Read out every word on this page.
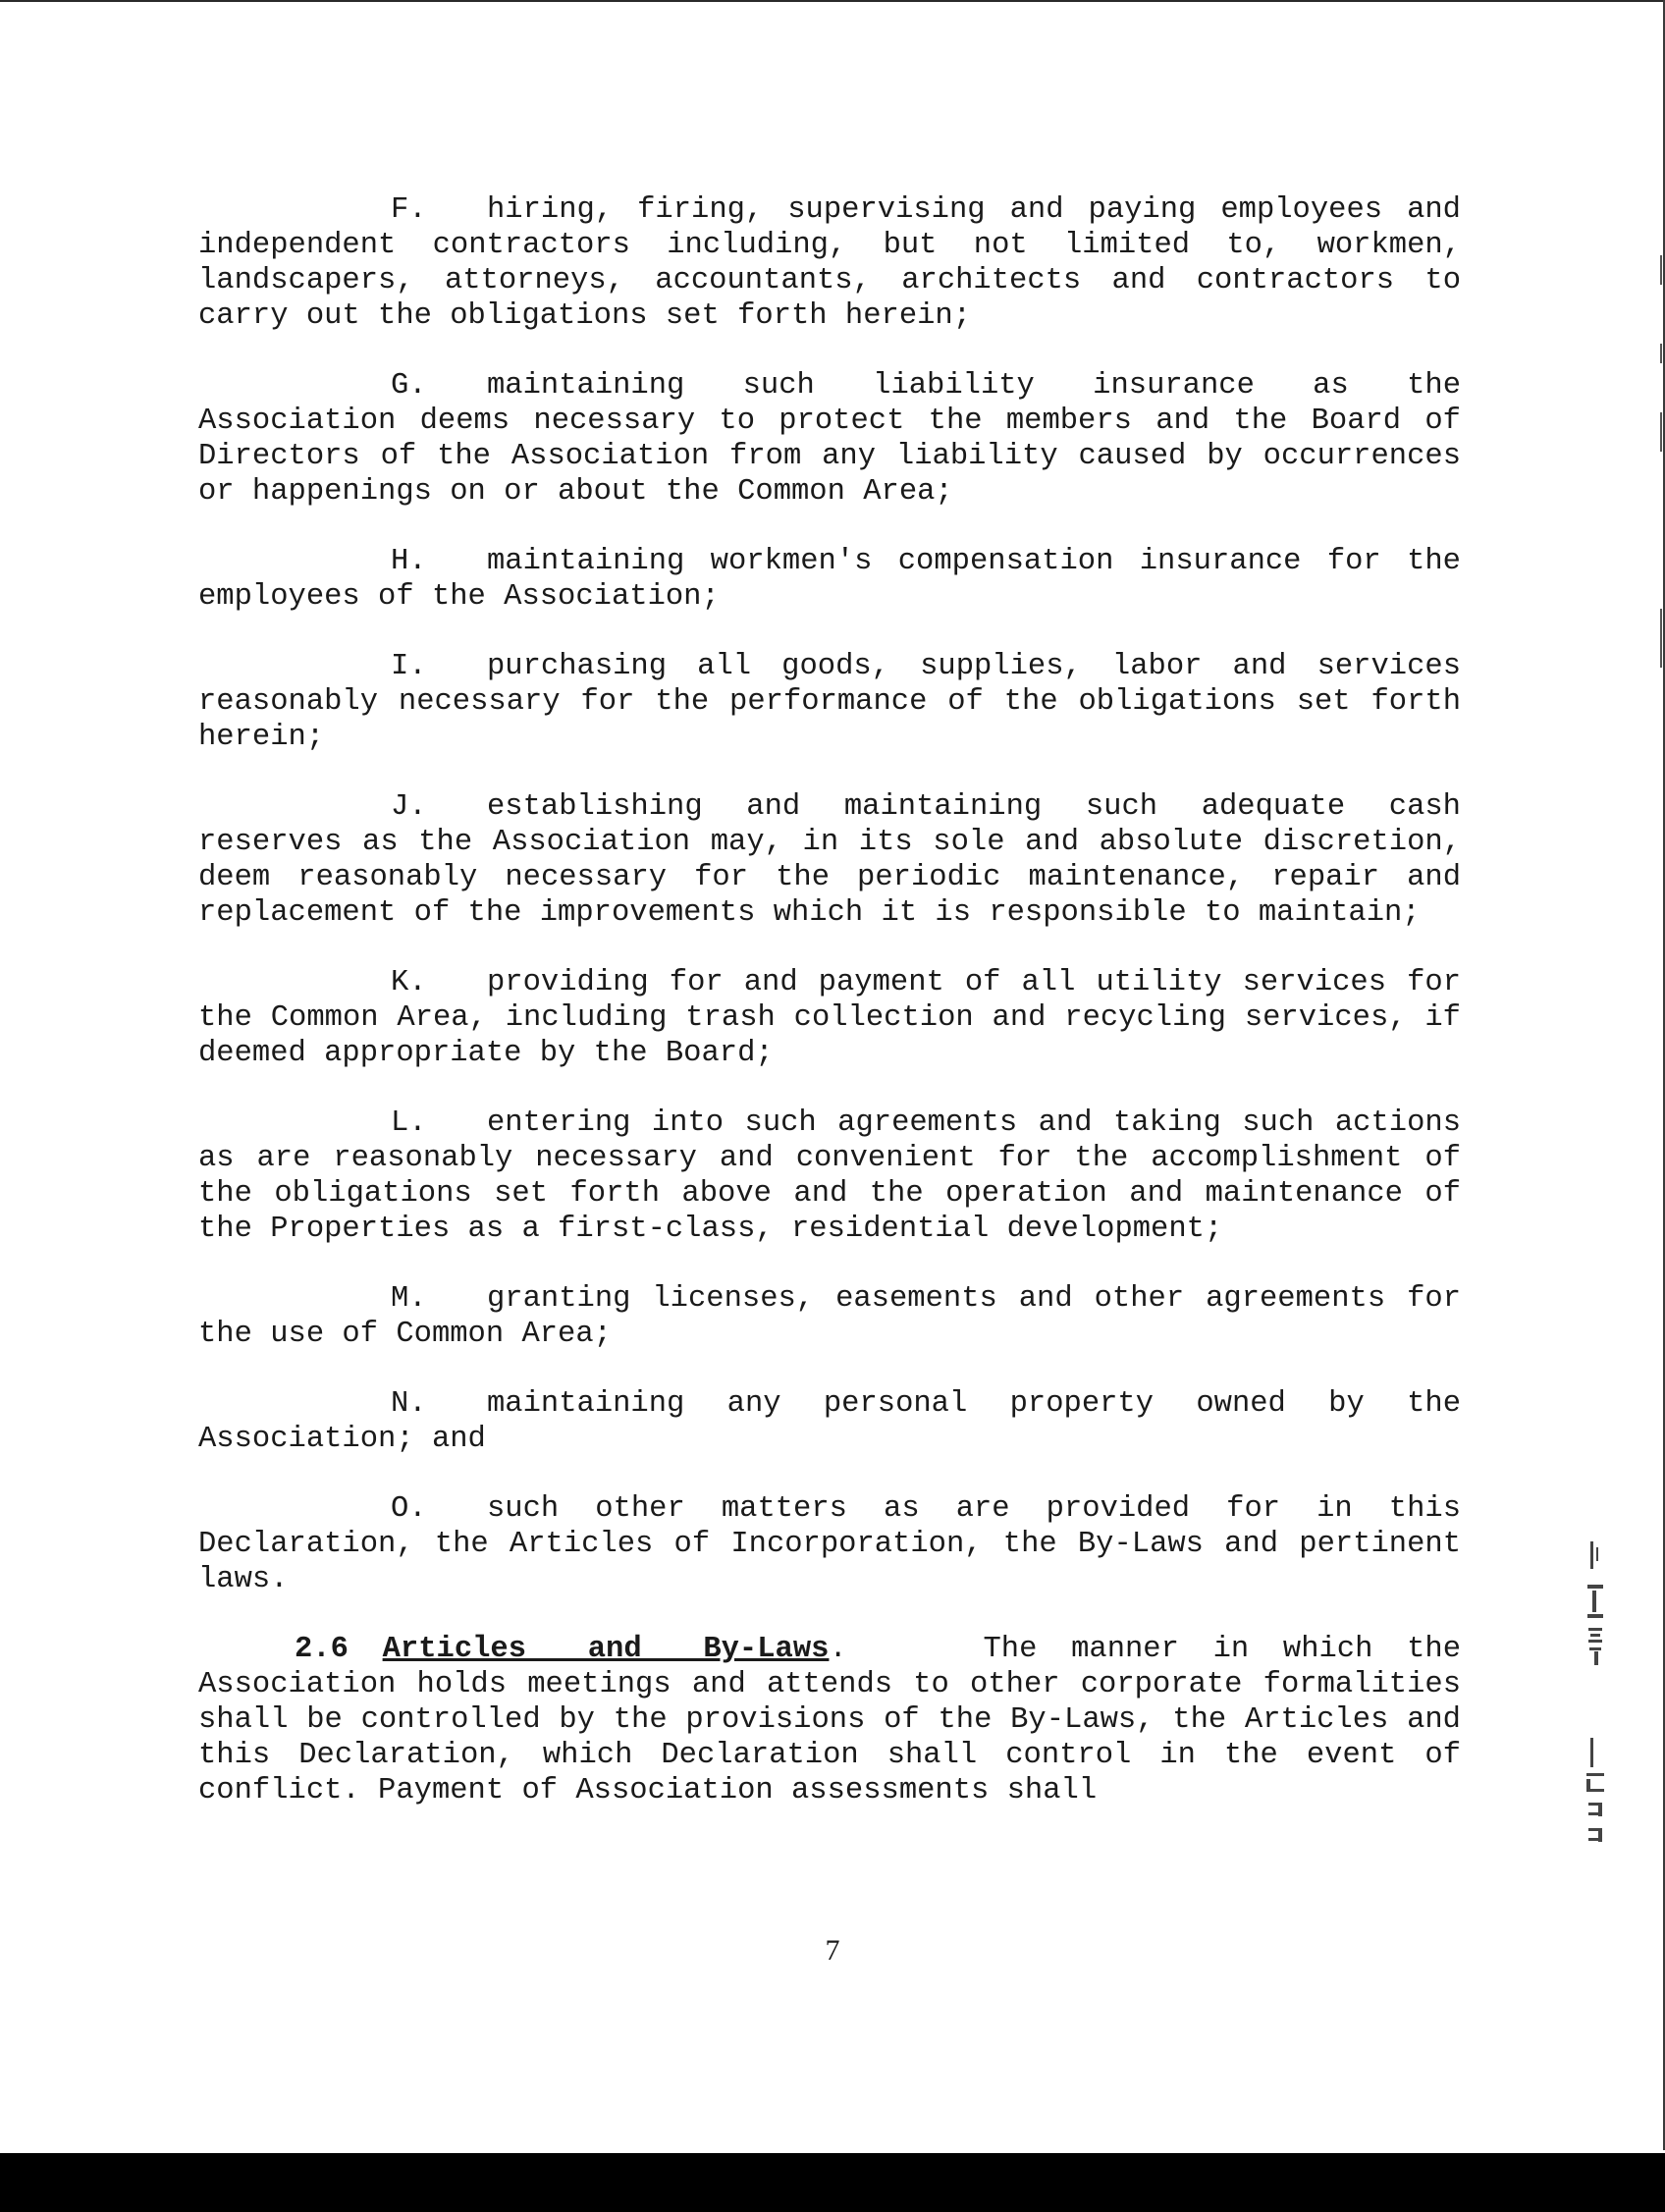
F. hiring, firing, supervising and paying employees and independent contractors including, but not limited to, workmen, landscapers, attorneys, accountants, architects and contractors to carry out the obligations set forth herein;

G. maintaining such liability insurance as the Association deems necessary to protect the members and the Board of Directors of the Association from any liability caused by occurrences or happenings on or about the Common Area;

H. maintaining workmen's compensation insurance for the employees of the Association;

I. purchasing all goods, supplies, labor and services reasonably necessary for the performance of the obligations set forth herein;

J. establishing and maintaining such adequate cash reserves as the Association may, in its sole and absolute discretion, deem reasonably necessary for the periodic maintenance, repair and replacement of the improvements which it is responsible to maintain;

K. providing for and payment of all utility services for the Common Area, including trash collection and recycling services, if deemed appropriate by the Board;

L. entering into such agreements and taking such actions as are reasonably necessary and convenient for the accomplishment of the obligations set forth above and the operation and maintenance of the Properties as a first-class, residential development;

M. granting licenses, easements and other agreements for the use of Common Area;

N. maintaining any personal property owned by the Association; and

O. such other matters as are provided for in this Declaration, the Articles of Incorporation, the By-Laws and pertinent laws.

2.6 Articles and By-Laws.    The manner in which the Association holds meetings and attends to other corporate formalities shall be controlled by the provisions of the By-Laws, the Articles and this Declaration, which Declaration shall control in the event of conflict. Payment of Association assessments shall

7
